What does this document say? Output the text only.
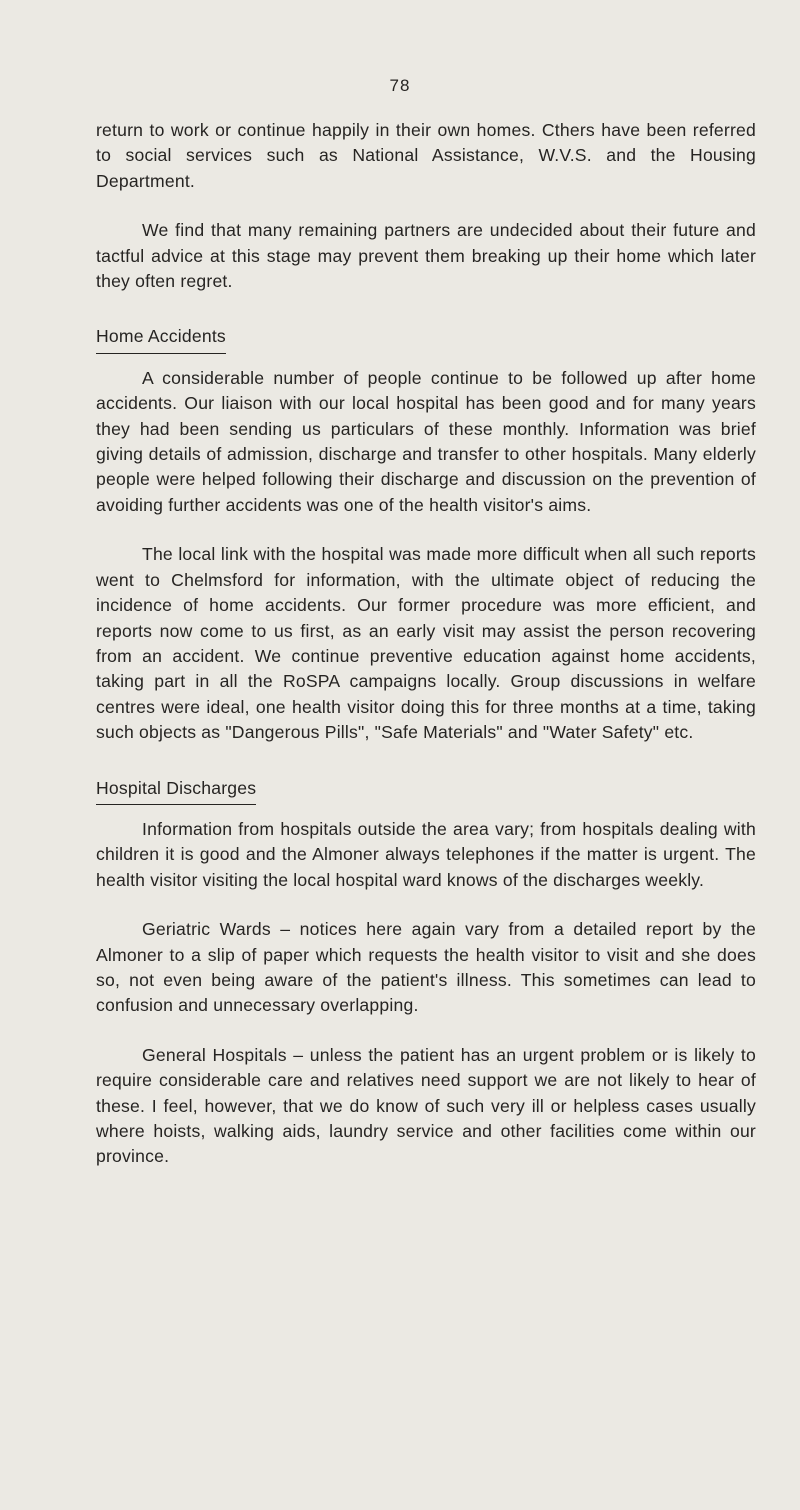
78

return to work or continue happily in their own homes. Cthers have been referred to social services such as National Assistance, W.V.S. and the Housing Department.

We find that many remaining partners are undecided about their future and tactful advice at this stage may prevent them breaking up their home which later they often regret.

Home Accidents

A considerable number of people continue to be followed up after home accidents. Our liaison with our local hospital has been good and for many years they had been sending us particulars of these monthly. Information was brief giving details of admission, discharge and transfer to other hospitals. Many elderly people were helped following their discharge and discussion on the prevention of avoiding further accidents was one of the health visitor's aims.

The local link with the hospital was made more difficult when all such reports went to Chelmsford for information, with the ultimate object of reducing the incidence of home accidents. Our former procedure was more efficient, and reports now come to us first, as an early visit may assist the person recovering from an accident. We continue preventive education against home accidents, taking part in all the RoSPA campaigns locally. Group discussions in welfare centres were ideal, one health visitor doing this for three months at a time, taking such objects as "Dangerous Pills", "Safe Materials" and "Water Safety" etc.

Hospital Discharges

Information from hospitals outside the area vary; from hospitals dealing with children it is good and the Almoner always telephones if the matter is urgent. The health visitor visiting the local hospital ward knows of the discharges weekly.

Geriatric Wards – notices here again vary from a detailed report by the Almoner to a slip of paper which requests the health visitor to visit and she does so, not even being aware of the patient's illness. This sometimes can lead to confusion and unnecessary overlapping.

General Hospitals – unless the patient has an urgent problem or is likely to require considerable care and relatives need support we are not likely to hear of these. I feel, however, that we do know of such very ill or helpless cases usually where hoists, walking aids, laundry service and other facilities come within our province.
